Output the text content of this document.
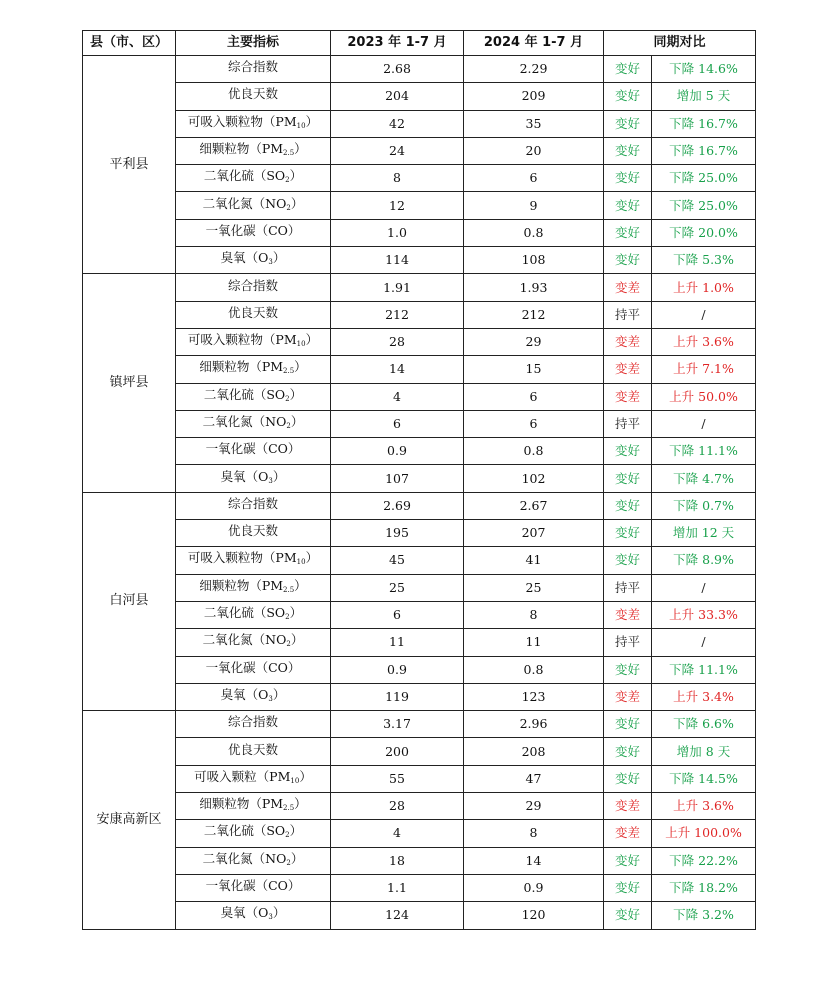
县（市、区）	主要指标	2023 年 1-7 月	2024 年 1-7 月	同期对比	
平利县	综合指数	2.68	2.29	变好	下降 14.6%
	优良天数	204	209	变好	增加 5 天
	可吸入颗粒物$(PM_{10})$	42	35	变好	下降 16.7%
	细颗粒物$(PM_{2.5})$	24	20	变好	下降 16.7%
	二氧化硫$(SO_2)$	8	6	变好	下降 25.0%
	二氧化氮$(NO_2)$	12	9	变好	下降 25.0%
	一氧化碳（CO）	1.0	0.8	变好	下降 20.0%
	臭氧$(O_3)$	114	108	变好	下降 5.3%
镇坪县	综合指数	1.91	1.93	变差	上升 1.0%
	优良天数	212	212	持平	/
	可吸入颗粒物$(PM_{10})$	28	29	变差	上升 3.6%
	细颗粒物$(PM_{2.5})$	14	15	变差	上升 7.1%
	二氧化硫$(SO_2)$	4	6	变差	上升 50.0%
	二氧化氮$(NO_2)$	6	6	持平	/
	一氧化碳（CO）	0.9	0.8	变好	下降 11.1%
	臭氧$(O_3)$	107	102	变好	下降 4.7%
白河县	综合指数	2.69	2.67	变好	下降 0.7%
	优良天数	195	207	变好	增加 12 天
	可吸入颗粒物$(PM_{10})$	45	41	变好	下降 8.9%
	细颗粒物$(PM_{2.5})$	25	25	持平	/
	二氧化硫$(SO_2)$	6	8	变差	上升 33.3%
	二氧化氮$(NO_2)$	11	11	持平	/
	一氧化碳（CO）	0.9	0.8	变好	下降 11.1%
	臭氧$(O_3)$	119	123	变差	上升 3.4%
安康高新区	综合指数	3.17	2.96	变好	下降 6.6%
	优良天数	200	208	变好	增加 8 天
	可吸入颗粒$(PM_{10})$	55	47	变好	下降 14.5%
	细颗粒物$(PM_{2.5})$	28	29	变差	上升 3.6%
	二氧化硫$(SO_2)$	4	8	变差	上升 100.0%
	二氧化氮$(NO_2)$	18	14	变好	下降 22.2%
	一氧化碳（CO）	1.1	0.9	变好	下降 18.2%
	臭氧$(O_3)$	124	120	变好	下降 3.2%
